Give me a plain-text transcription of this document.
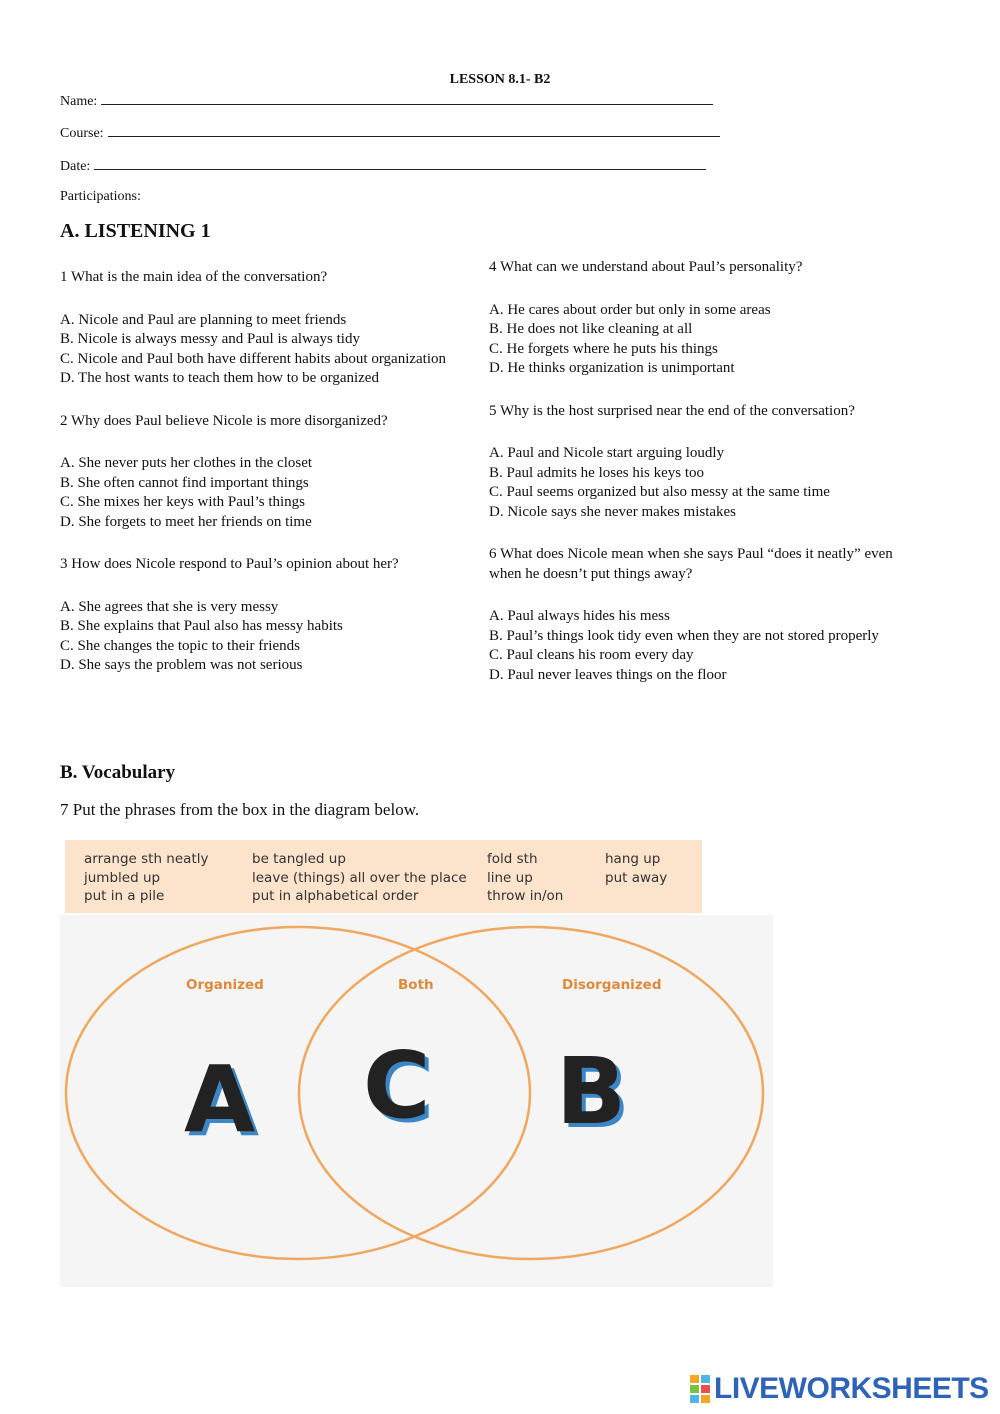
LESSON 8.1- B2
Name:
Course:
Date:
Participations:
A. LISTENING 1

1 What is the main idea of the conversation?

A. Nicole and Paul are planning to meet friends

B. Nicole is always messy and Paul is always tidy

C. Nicole and Paul both have different habits about organization

D. The host wants to teach them how to be organized

2 Why does Paul believe Nicole is more disorganized?

A. She never puts her clothes in the closet

B. She often cannot find important things

C. She mixes her keys with Paul’s things

D. She forgets to meet her friends on time

3 How does Nicole respond to Paul’s opinion about her?

A. She agrees that she is very messy

B. She explains that Paul also has messy habits

C. She changes the topic to their friends

D. She says the problem was not serious

4 What can we understand about Paul’s personality?

A. He cares about order but only in some areas

B. He does not like cleaning at all

C. He forgets where he puts his things

D. He thinks organization is unimportant

5 Why is the host surprised near the end of the conversation?

A. Paul and Nicole start arguing loudly

B. Paul admits he loses his keys too

C. Paul seems organized but also messy at the same time

D. Nicole says she never makes mistakes

6 What does Nicole mean when she says Paul “does it neatly” even when he doesn’t put things away?

A. Paul always hides his mess

B. Paul’s things look tidy even when they are not stored properly

C. Paul cleans his room every day

D. Paul never leaves things on the floor

B. Vocabulary
7 Put the phrases from the box in the diagram below.
arrange sth neatly
jumbled up
put in a pile
be tangled up
leave (things) all over the place
put in alphabetical order
fold sth
line up
throw in/on
hang up
put away
Organized	Both	Disorganized
A C B
LIVEWORKSHEETS
